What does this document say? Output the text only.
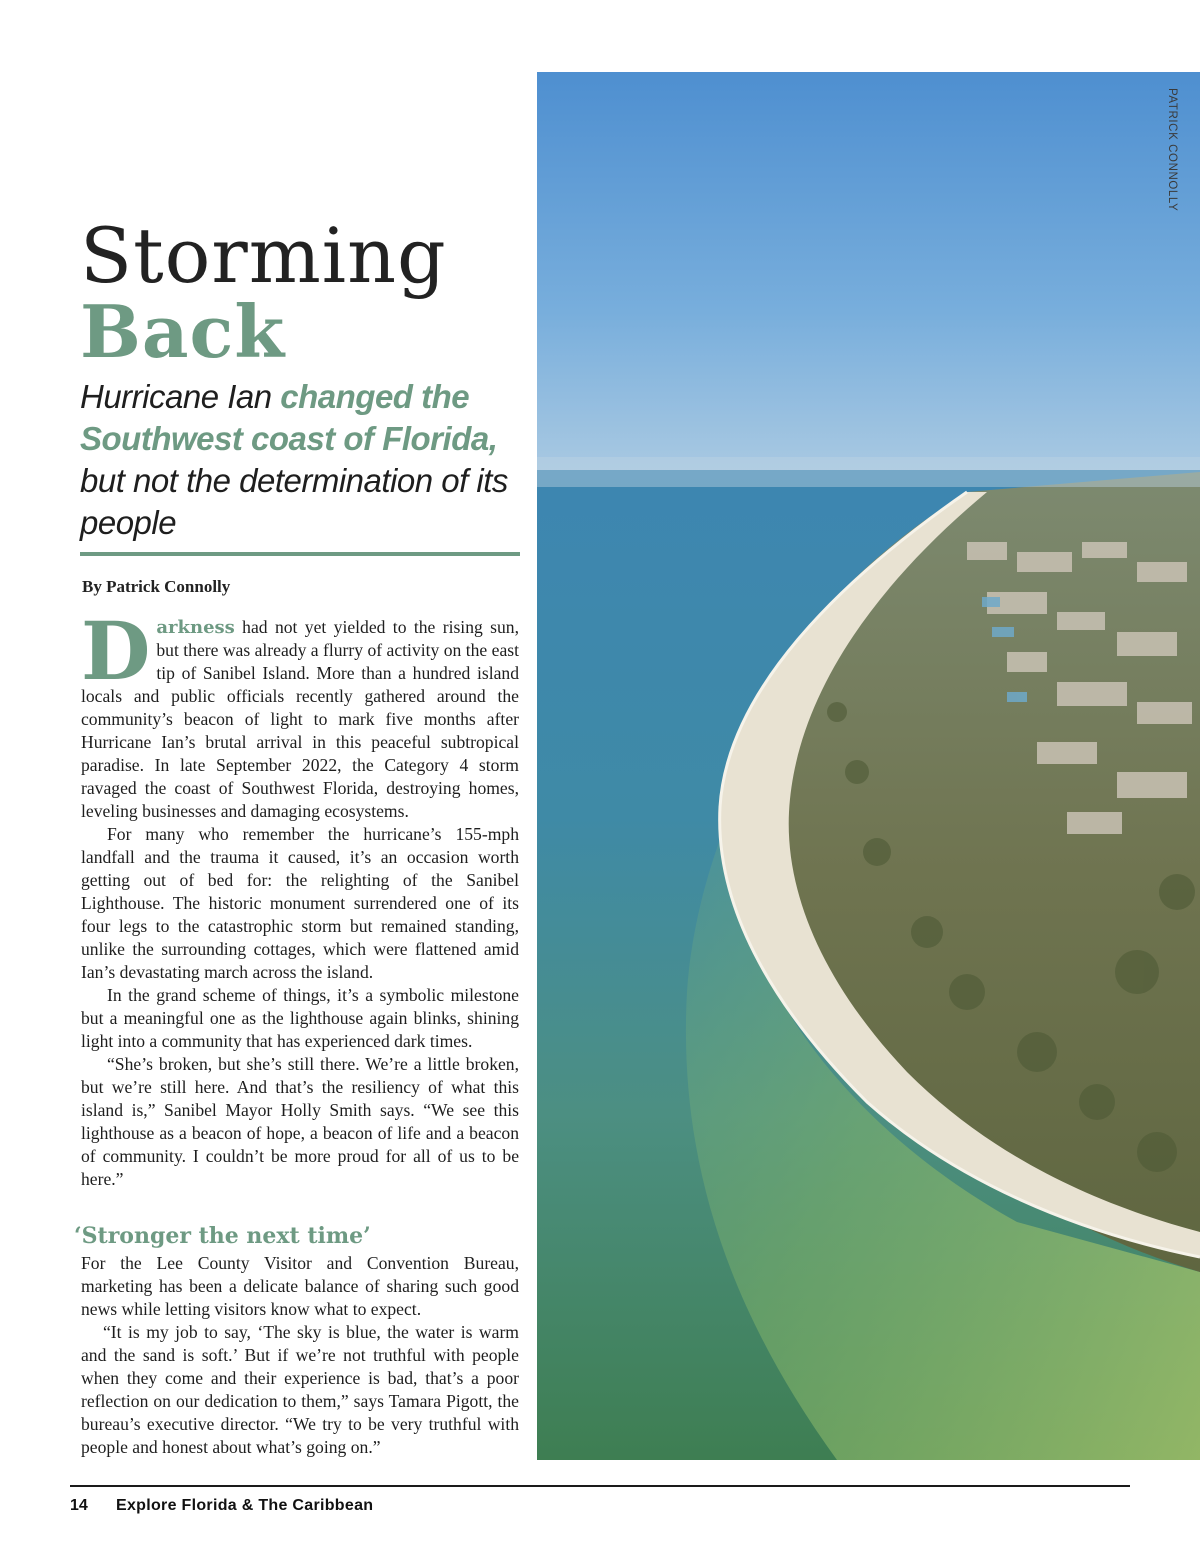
Storming
Back

Hurricane Ian changed the Southwest coast of Florida, but not the determination of its people

By Patrick Connolly

Darkness had not yet yielded to the rising sun, but there was already a flurry of activity on the east tip of Sanibel Island. More than a hundred island locals and public officials recently gathered around the community’s beacon of light to mark five months after Hurricane Ian’s brutal arrival in this peaceful subtropical paradise. In late September 2022, the Category 4 storm ravaged the coast of Southwest Florida, destroying homes, leveling businesses and damaging ecosystems.

For many who remember the hurricane’s 155-mph landfall and the trauma it caused, it’s an occasion worth getting out of bed for: the relighting of the Sanibel Lighthouse. The historic monument surrendered one of its four legs to the catastrophic storm but remained standing, unlike the surrounding cottages, which were flattened amid Ian’s devastating march across the island.

In the grand scheme of things, it’s a symbolic milestone but a meaningful one as the lighthouse again blinks, shining light into a community that has experienced dark times.

“She’s broken, but she’s still there. We’re a little broken, but we’re still here. And that’s the resiliency of what this island is,” Sanibel Mayor Holly Smith says. “We see this lighthouse as a beacon of hope, a beacon of life and a beacon of community. I couldn’t be more proud for all of us to be here.”

‘Stronger the next time’

For the Lee County Visitor and Convention Bureau, marketing has been a delicate balance of sharing such good news while letting visitors know what to expect.

“It is my job to say, ‘The sky is blue, the water is warm and the sand is soft.’ But if we’re not truthful with people when they come and their experience is bad, that’s a poor reflection on our dedication to them,” says Tamara Pigott, the bureau’s executive director. “We try to be very truthful with people and honest about what’s going on.”

PATRICK CONNOLLY
14 Explore Florida & The Caribbean
